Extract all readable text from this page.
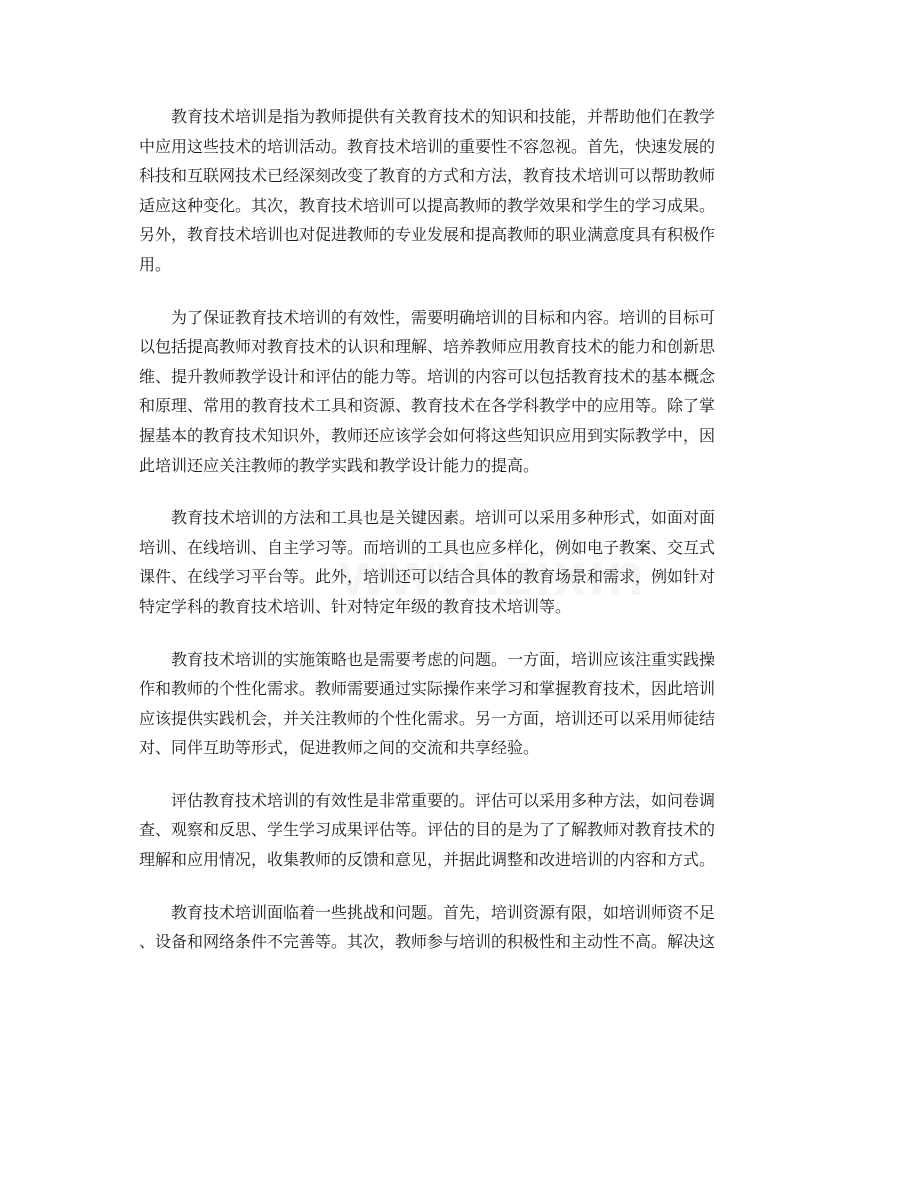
教育技术培训是指为教师提供有关教育技术的知识和技能，并帮助他们在教学
中应用这些技术的培训活动。教育技术培训的重要性不容忽视。首先，快速发展的
科技和互联网技术已经深刻改变了教育的方式和方法，教育技术培训可以帮助教师
适应这种变化。其次，教育技术培训可以提高教师的教学效果和学生的学习成果。
另外，教育技术培训也对促进教师的专业发展和提高教师的职业满意度具有积极作
用。

为了保证教育技术培训的有效性，需要明确培训的目标和内容。培训的目标可
以包括提高教师对教育技术的认识和理解、培养教师应用教育技术的能力和创新思
维、提升教师教学设计和评估的能力等。培训的内容可以包括教育技术的基本概念
和原理、常用的教育技术工具和资源、教育技术在各学科教学中的应用等。除了掌
握基本的教育技术知识外，教师还应该学会如何将这些知识应用到实际教学中，因
此培训还应关注教师的教学实践和教学设计能力的提高。

教育技术培训的方法和工具也是关键因素。培训可以采用多种形式，如面对面
培训、在线培训、自主学习等。而培训的工具也应多样化，例如电子教案、交互式
课件、在线学习平台等。此外，培训还可以结合具体的教育场景和需求，例如针对
特定学科的教育技术培训、针对特定年级的教育技术培训等。

教育技术培训的实施策略也是需要考虑的问题。一方面，培训应该注重实践操
作和教师的个性化需求。教师需要通过实际操作来学习和掌握教育技术，因此培训
应该提供实践机会，并关注教师的个性化需求。另一方面，培训还可以采用师徒结
对、同伴互助等形式，促进教师之间的交流和共享经验。

评估教育技术培训的有效性是非常重要的。评估可以采用多种方法，如问卷调
查、观察和反思、学生学习成果评估等。评估的目的是为了了解教师对教育技术的
理解和应用情况，收集教师的反馈和意见，并据此调整和改进培训的内容和方式。

教育技术培训面临着一些挑战和问题。首先，培训资源有限，如培训师资不足
、设备和网络条件不完善等。其次，教师参与培训的积极性和主动性不高。解决这
